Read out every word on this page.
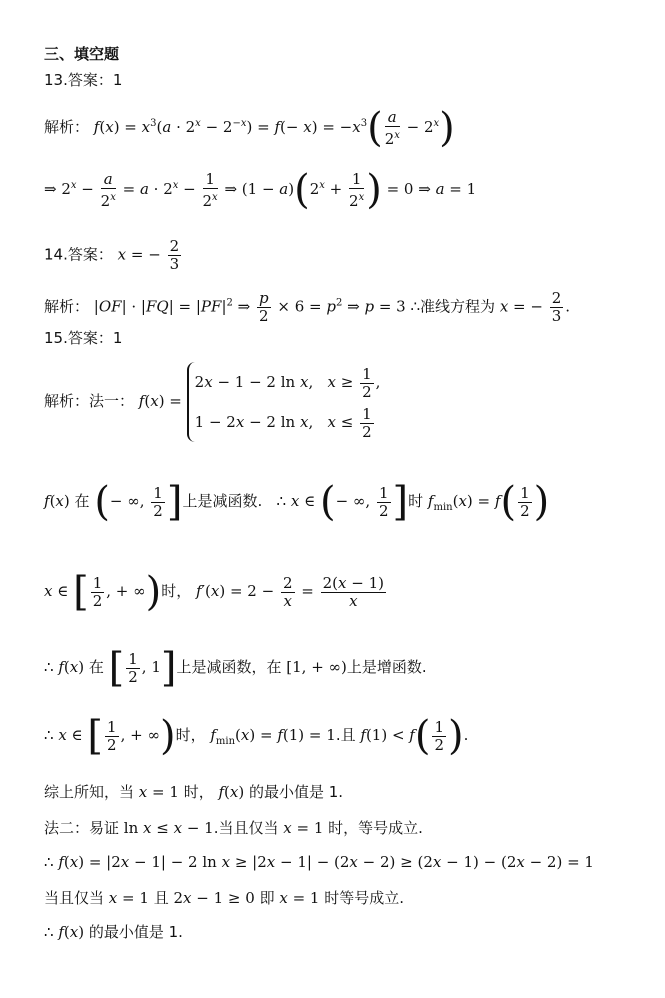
三、填空题
13.答案：1
解析： $f(x) = x^3(a \cdot 2^x - 2^{-x}) = f(- x) = -x^3( \frac{a}{2^x} - 2^x)$
⇒ $2^x - \frac{a}{2^x} = a \cdot 2^x - \frac{1}{2^x}$ ⇒ $(1 - a)(2^x + \frac{1}{2^x}$ ) = 0 ⇒ a = 1
14.答案： x = − $\frac{2}{3}$
解析： $|OF| \cdot |FQ| = |PF|^2$ ⇒ $\frac{p}{2} \times 6 = p^2$ ⇒ p = 3 ∴准线方程为 x = − $\frac{2}{3}$ .
15.答案：1
解析：法一： f(x) =
2x − 1 − 2 ln x,   $x \ge \frac{1}{2}$ ,
1 − 2x − 2 ln x,   $x \le \frac{1}{2}$
f(x) 在 (− ∞, $\frac{1}{2}$ ]上是减函数.   ∴ x ∈ (− ∞, $\frac{1}{2}$ ]时 $f_{min}(x) = f( \frac{1}{2}$ )
x ∈ [ $\frac{1}{2}$ , + ∞)时， $f'(x) = 2 - \frac{2}{x} = \frac{2(x - 1)}{x}$
∴ f(x) 在 [ $\frac{1}{2}$ , 1]上是减函数，在 [1, + ∞)上是增函数.
∴ x ∈ [ $\frac{1}{2}$ , + ∞)时， $f_{min}(x) = f(1) = 1$.且 $f(1) < f( \frac{1}{2}$ ).
综上所知，当 x = 1 时， f(x) 的最小值是 1.
法二：易证 ln x ≤ x − 1.当且仅当 x = 1 时，等号成立.
∴ f(x) = |2x − 1| − 2 ln x ≥ |2x − 1| − (2x − 2) ≥ (2x − 1) − (2x − 2) = 1
当且仅当 x = 1 且 2x − 1 ≥ 0 即 x = 1 时等号成立.
∴ f(x) 的最小值是 1.
